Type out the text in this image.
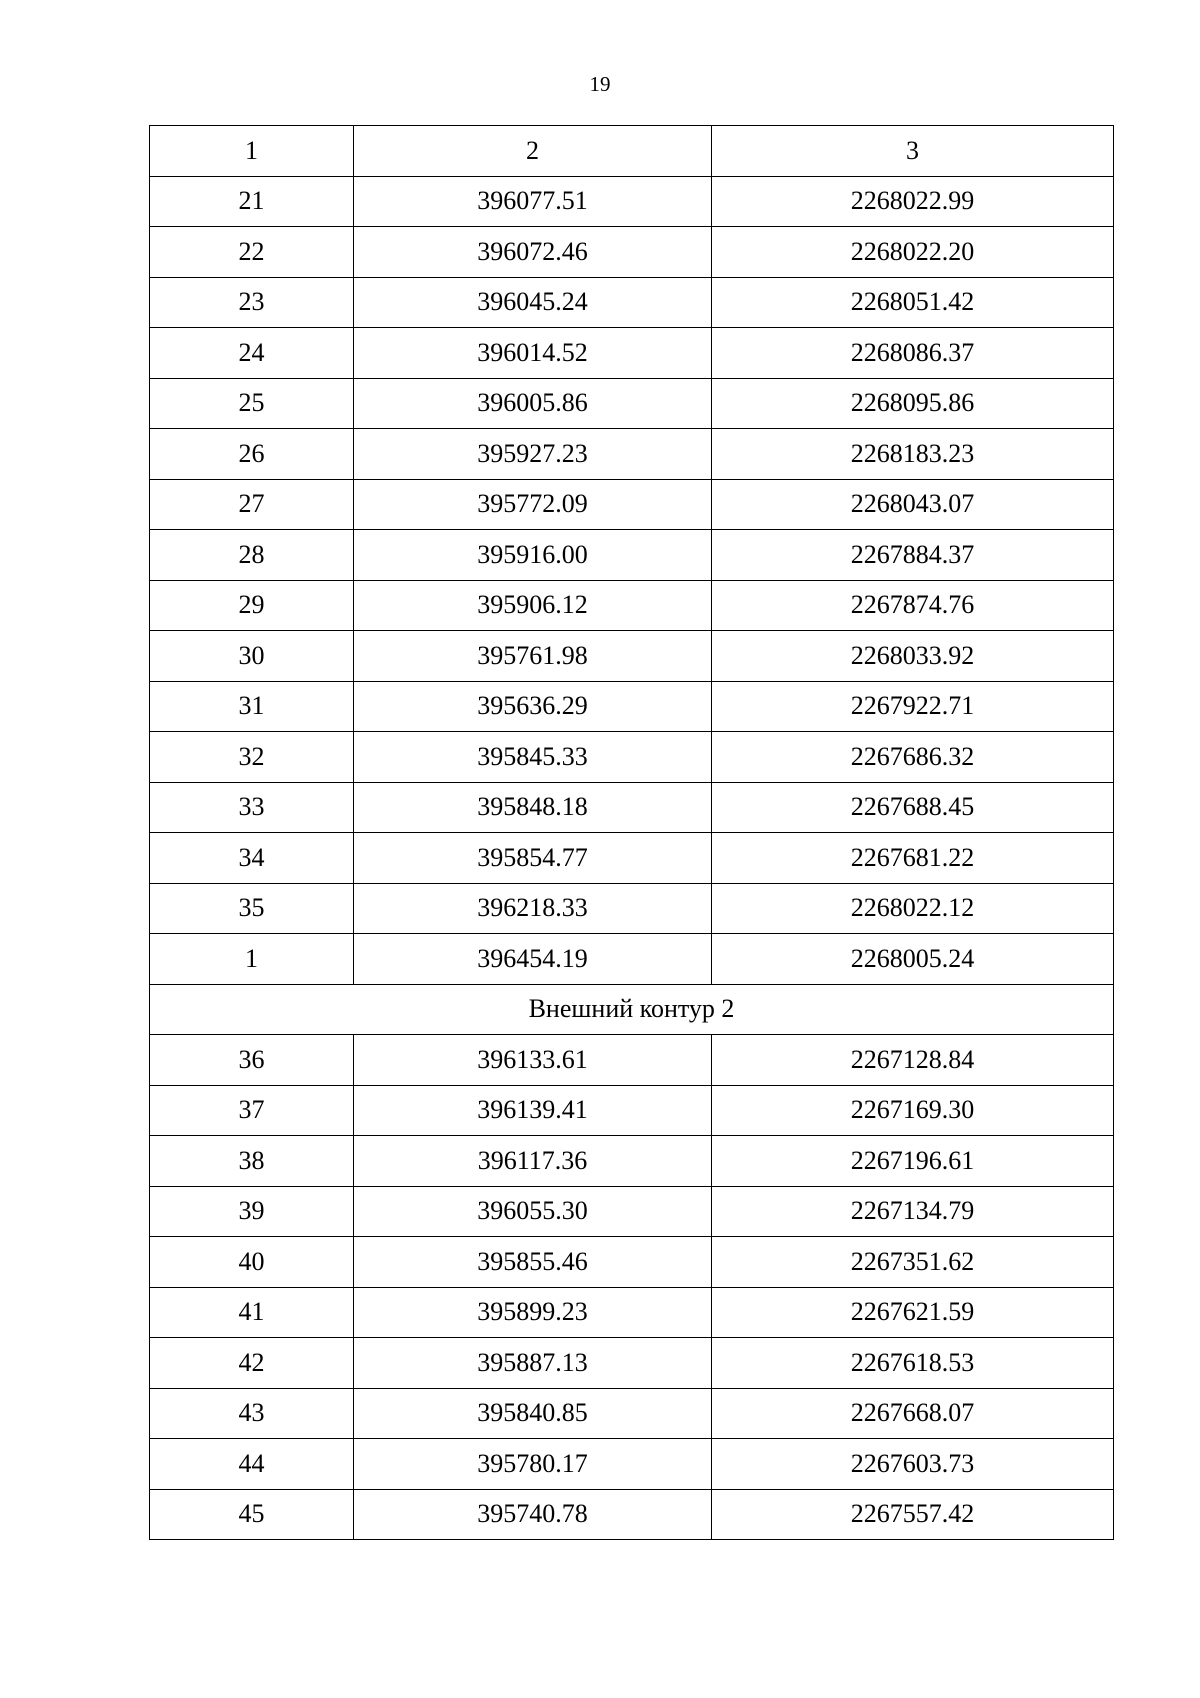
19
1	2	3
21	396077.51	2268022.99
22	396072.46	2268022.20
23	396045.24	2268051.42
24	396014.52	2268086.37
25	396005.86	2268095.86
26	395927.23	2268183.23
27	395772.09	2268043.07
28	395916.00	2267884.37
29	395906.12	2267874.76
30	395761.98	2268033.92
31	395636.29	2267922.71
32	395845.33	2267686.32
33	395848.18	2267688.45
34	395854.77	2267681.22
35	396218.33	2268022.12
1	396454.19	2268005.24
Внешний контур 2		
36	396133.61	2267128.84
37	396139.41	2267169.30
38	396117.36	2267196.61
39	396055.30	2267134.79
40	395855.46	2267351.62
41	395899.23	2267621.59
42	395887.13	2267618.53
43	395840.85	2267668.07
44	395780.17	2267603.73
45	395740.78	2267557.42
